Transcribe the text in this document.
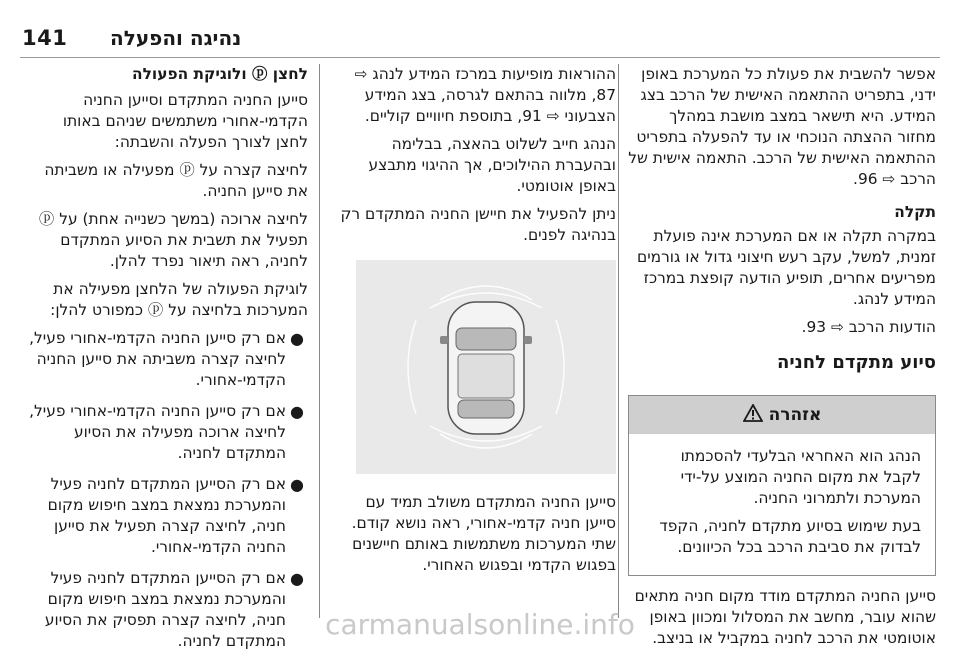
141 נהיגה והפעלה

אפשר להשבית את פעולת כל המערכת באופן ידני, בתפריט ההתאמה האישית של הרכב בצג המידע. היא תישאר במצב מושבת במהלך מחזור ההצתה הנוכחי או עד להפעלה בתפריט ההתאמה האישית של הרכב. התאמה אישית של הרכב ⇨ 96.

תקלה

במקרה תקלה או אם המערכת אינה פועלת זמנית, למשל, עקב רעש חיצוני גדול או גורמים מפריעים אחרים, תופיע הודעה קופצת במרכז המידע לנהג.

הודעות הרכב ⇨ 93.

סיוע מתקדם לחניה
אזהרה

הנהג הוא האחראי הבלעדי להסכמתו לקבל את מקום החניה המוצע על-ידי המערכת ולתמרוני החניה.

בעת שימוש בסיוע מתקדם לחניה, הקפד לבדוק את סביבת הרכב בכל הכיוונים.

סייען החניה המתקדם מודד מקום חניה מתאים שהוא עובר, מחשב את המסלול ומכוון באופן אוטומטי את הרכב לחניה במקביל או בניצב.

ההוראות מופיעות במרכז המידע לנהג ⇨ 87, מלווה בהתאם לגרסה, בצג המידע הצבעוני ⇨ 91, בתוספת חיוויים קוליים.

הנהג חייב לשלוט בהאצה, בבלימה ובהעברת ההילוכים, אך ההיגוי מתבצע באופן אוטומטי.

ניתן להפעיל את חיישן החניה המתקדם רק בנהיגה לפנים.

סייען החניה המתקדם משולב תמיד עם סייען חניה קדמי-אחורי, ראה נושא קודם. שתי המערכות משתמשות באותם חיישנים בפגוש הקדמי ובפגוש האחורי.

לחצן ⓟ ולוגיקת הפעולה

סייען החניה המתקדם וסייען החניה הקדמי-אחורי משתמשים שניהם באותו לחצן לצורך הפעלה והשבתה:

לחיצה קצרה על ⓟ מפעילה או משביתה את סייען החניה.

לחיצה ארוכה (במשך כשנייה אחת) על ⓟ תפעיל את תשבית את הסיוע המתקדם לחניה, ראה תיאור נפרד להלן.

לוגיקת הפעולה של הלחצן מפעילה את המערכות בלחיצה על ⓟ כמפורט להלן:

●
אם רק סייען החניה הקדמי-אחורי פעיל, לחיצה קצרה משביתה את סייען החניה הקדמי-אחורי.
●
אם רק סייען החניה הקדמי-אחורי פעיל, לחיצה ארוכה מפעילה את הסיוע המתקדם לחניה.
●
אם רק הסייען המתקדם לחניה פעיל והמערכת נמצאת במצב חיפוש מקום חניה, לחיצה קצרה תפעיל את סייען החניה הקדמי-אחורי.
●
אם רק הסייען המתקדם לחניה פעיל והמערכת נמצאת במצב חיפוש מקום חניה, לחיצה קצרה תפסיק את הסיוע המתקדם לחניה.	carmanualsonline.info
